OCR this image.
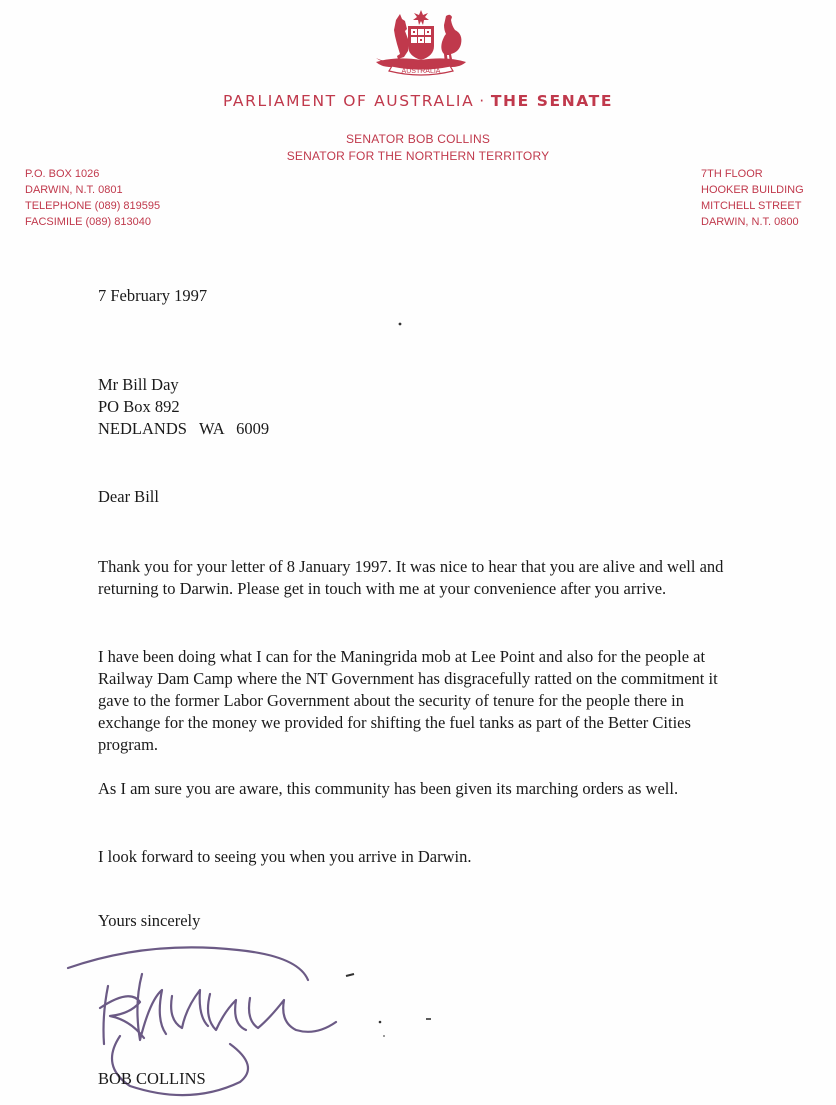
AUSTRALIA
PARLIAMENT OF AUSTRALIA · THE SENATE
SENATOR BOB COLLINS
SENATOR FOR THE NORTHERN TERRITORY
P.O. BOX 1026
DARWIN, N.T. 0801
TELEPHONE (089) 819595
FACSIMILE (089) 813040
7TH FLOOR
HOOKER BUILDING
MITCHELL STREET
DARWIN, N.T. 0800
7 February 1997
Mr Bill Day
PO Box 892
NEDLANDS   WA   6009
Dear Bill
Thank you for your letter of 8 January 1997. It was nice to hear that you are alive and well and returning to Darwin. Please get in touch with me at your convenience after you arrive.
I have been doing what I can for the Maningrida mob at Lee Point and also for the people at Railway Dam Camp where the NT Government has disgracefully ratted on the commitment it gave to the former Labor Government about the security of tenure for the people there in exchange for the money we provided for shifting the fuel tanks as part of the Better Cities program.
As I am sure you are aware, this community has been given its marching orders as well.
I look forward to seeing you when you arrive in Darwin.
Yours sincerely
BOB COLLINS
